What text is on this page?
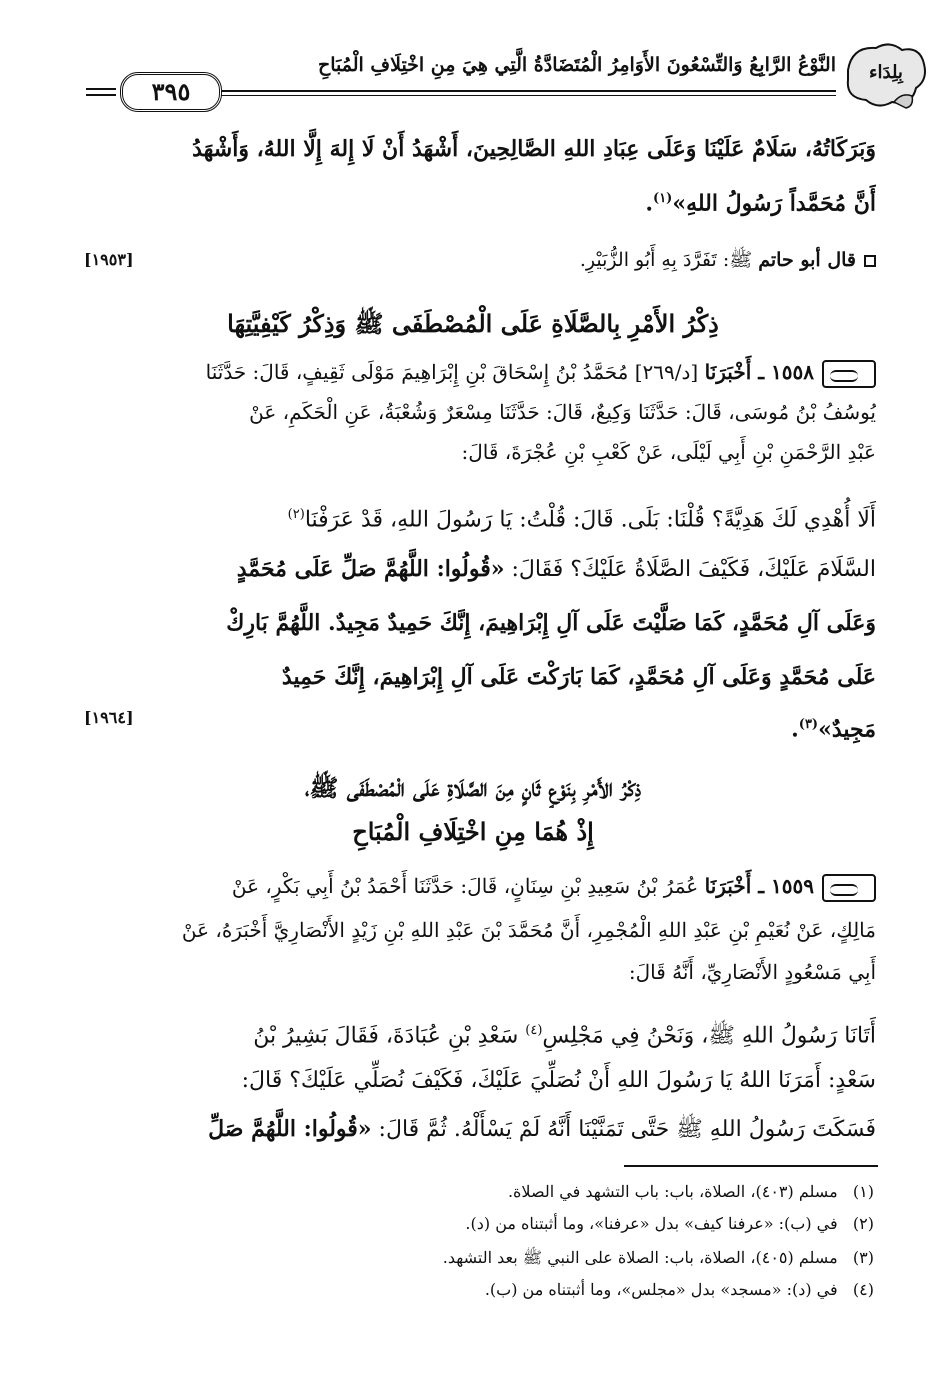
بِلِدَاء
النَّوْعُ الرَّابِعُ وَالتِّسْعُونَ الأَوَامِرُ الْمُتَضَادَّةُ الَّتِي هِيَ مِنِ اخْتِلَافِ الْمُبَاحِ
٣٩٥
وَبَرَكَاتُهُ، سَلَامٌ عَلَيْنَا وَعَلَى عِبَادِ اللهِ الصَّالِحِينَ، أَشْهَدُ أَنْ لَا إِلهَ إِلَّا اللهُ، وَأَشْهَدُ
أَنَّ مُحَمَّداً رَسُولُ اللهِ»$^{(١)}$.
قال أبو حاتم ﷺ: تَفَرَّدَ بِهِ أَبُو الزُّبَيْرِ.
[١٩٥٣]
ذِكْرُ الأَمْرِ بِالصَّلَاةِ عَلَى الْمُصْطَفَى ﷺ وَذِكْرُ كَيْفِيَّتِهَا
١٥٥٨ ـ أَخْبَرَنَا [د/٢٦٩] مُحَمَّدُ بْنُ إِسْحَاقَ بْنِ إِبْرَاهِيمَ مَوْلَى ثَقِيفٍ، قَالَ: حَدَّثَنَا
يُوسُفُ بْنُ مُوسَى، قَالَ: حَدَّثَنَا وَكِيعٌ، قَالَ: حَدَّثَنَا مِسْعَرٌ وَشُعْبَةُ، عَنِ الْحَكَمِ، عَنْ
عَبْدِ الرَّحْمَنِ بْنِ أَبِي لَيْلَى، عَنْ كَعْبِ بْنِ عُجْرَةَ، قَالَ:
أَلَا أُهْدِي لَكَ هَدِيَّةً؟ قُلْنَا: بَلَى. قَالَ: قُلْتُ: يَا رَسُولَ اللهِ، قَدْ عَرَفْنَا$^{(٢)}$
السَّلَامَ عَلَيْكَ، فَكَيْفَ الصَّلَاةُ عَلَيْكَ؟ فَقَالَ: «قُولُوا: اللَّهُمَّ صَلِّ عَلَى مُحَمَّدٍ
وَعَلَى آلِ مُحَمَّدٍ، كَمَا صَلَّيْتَ عَلَى آلِ إِبْرَاهِيمَ، إِنَّكَ حَمِيدٌ مَجِيدٌ. اللَّهُمَّ بَارِكْ
عَلَى مُحَمَّدٍ وَعَلَى آلِ مُحَمَّدٍ، كَمَا بَارَكْتَ عَلَى آلِ إِبْرَاهِيمَ، إِنَّكَ حَمِيدٌ
مَجِيدٌ»$^{(٣)}$.
[١٩٦٤]
ذِكْرُ الأَمْرِ بِنَوْعٍ ثَانٍ مِنَ الصَّلَاةِ عَلَى الْمُصْطَفَى ﷺ،
إِذْ هُمَا مِنِ اخْتِلَافِ الْمُبَاحِ
١٥٥٩ ـ أَخْبَرَنَا عُمَرُ بْنُ سَعِيدِ بْنِ سِنَانٍ، قَالَ: حَدَّثَنَا أَحْمَدُ بْنُ أَبِي بَكْرٍ، عَنْ
مَالِكٍ، عَنْ نُعَيْمِ بْنِ عَبْدِ اللهِ الْمُجْمِرِ، أَنَّ مُحَمَّدَ بْنَ عَبْدِ اللهِ بْنِ زَيْدٍ الأَنْصَارِيَّ أَخْبَرَهُ، عَنْ
أَبِي مَسْعُودٍ الأَنْصَارِيِّ، أَنَّهُ قَالَ:
أَتَانَا رَسُولُ اللهِ ﷺ، وَنَحْنُ فِي مَجْلِسِ$^{(٤)}$ سَعْدِ بْنِ عُبَادَةَ، فَقَالَ بَشِيرُ بْنُ
سَعْدٍ: أَمَرَنَا اللهُ يَا رَسُولَ اللهِ أَنْ نُصَلِّيَ عَلَيْكَ، فَكَيْفَ نُصَلِّي عَلَيْكَ؟ قَالَ:
فَسَكَتَ رَسُولُ اللهِ ﷺ حَتَّى تَمَنَّيْنَا أَنَّهُ لَمْ يَسْأَلْهُ. ثُمَّ قَالَ: «قُولُوا: اللَّهُمَّ صَلِّ
(١)   مسلم (٤٠٣)، الصلاة، باب: باب التشهد في الصلاة.
(٢)   في (ب): «عرفنا كيف» بدل «عرفنا»، وما أثبتناه من (د).
(٣)   مسلم (٤٠٥)، الصلاة، باب: الصلاة على النبي ﷺ بعد التشهد.
(٤)   في (د): «مسجد» بدل «مجلس»، وما أثبتناه من (ب).
